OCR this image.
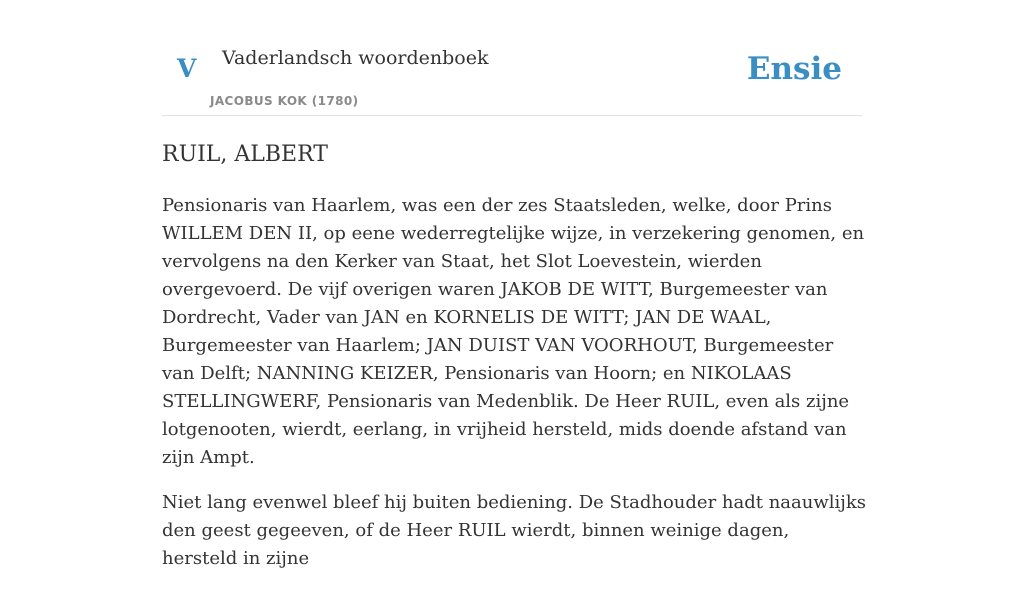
V Vaderlandsch woordenboek
JACOBUS KOK (1780)
Ensie
RUIL, ALBERT

Pensionaris van Haarlem, was een der zes Staatsleden, welke, door Prins WILLEM DEN II, op eene wederregtelijke wijze, in verzekering genomen, en vervolgens na den Kerker van Staat, het Slot Loevestein, wierden overgevoerd. De vijf overigen waren JAKOB DE WITT, Burgemeester van Dordrecht, Vader van JAN en KORNELIS DE WITT; JAN DE WAAL, Burgemeester van Haarlem; JAN DUIST VAN VOORHOUT, Burgemeester van Delft; NANNING KEIZER, Pensionaris van Hoorn; en NIKOLAAS STELLINGWERF, Pensionaris van Medenblik. De Heer RUIL, even als zijne lotgenooten, wierdt, eerlang, in vrijheid hersteld, mids doende afstand van zijn Ampt.

Niet lang evenwel bleef hij buiten bediening. De Stadhouder hadt naauwlijks den geest gegeeven, of de Heer RUIL wierdt, binnen weinige dagen, hersteld in zijne
